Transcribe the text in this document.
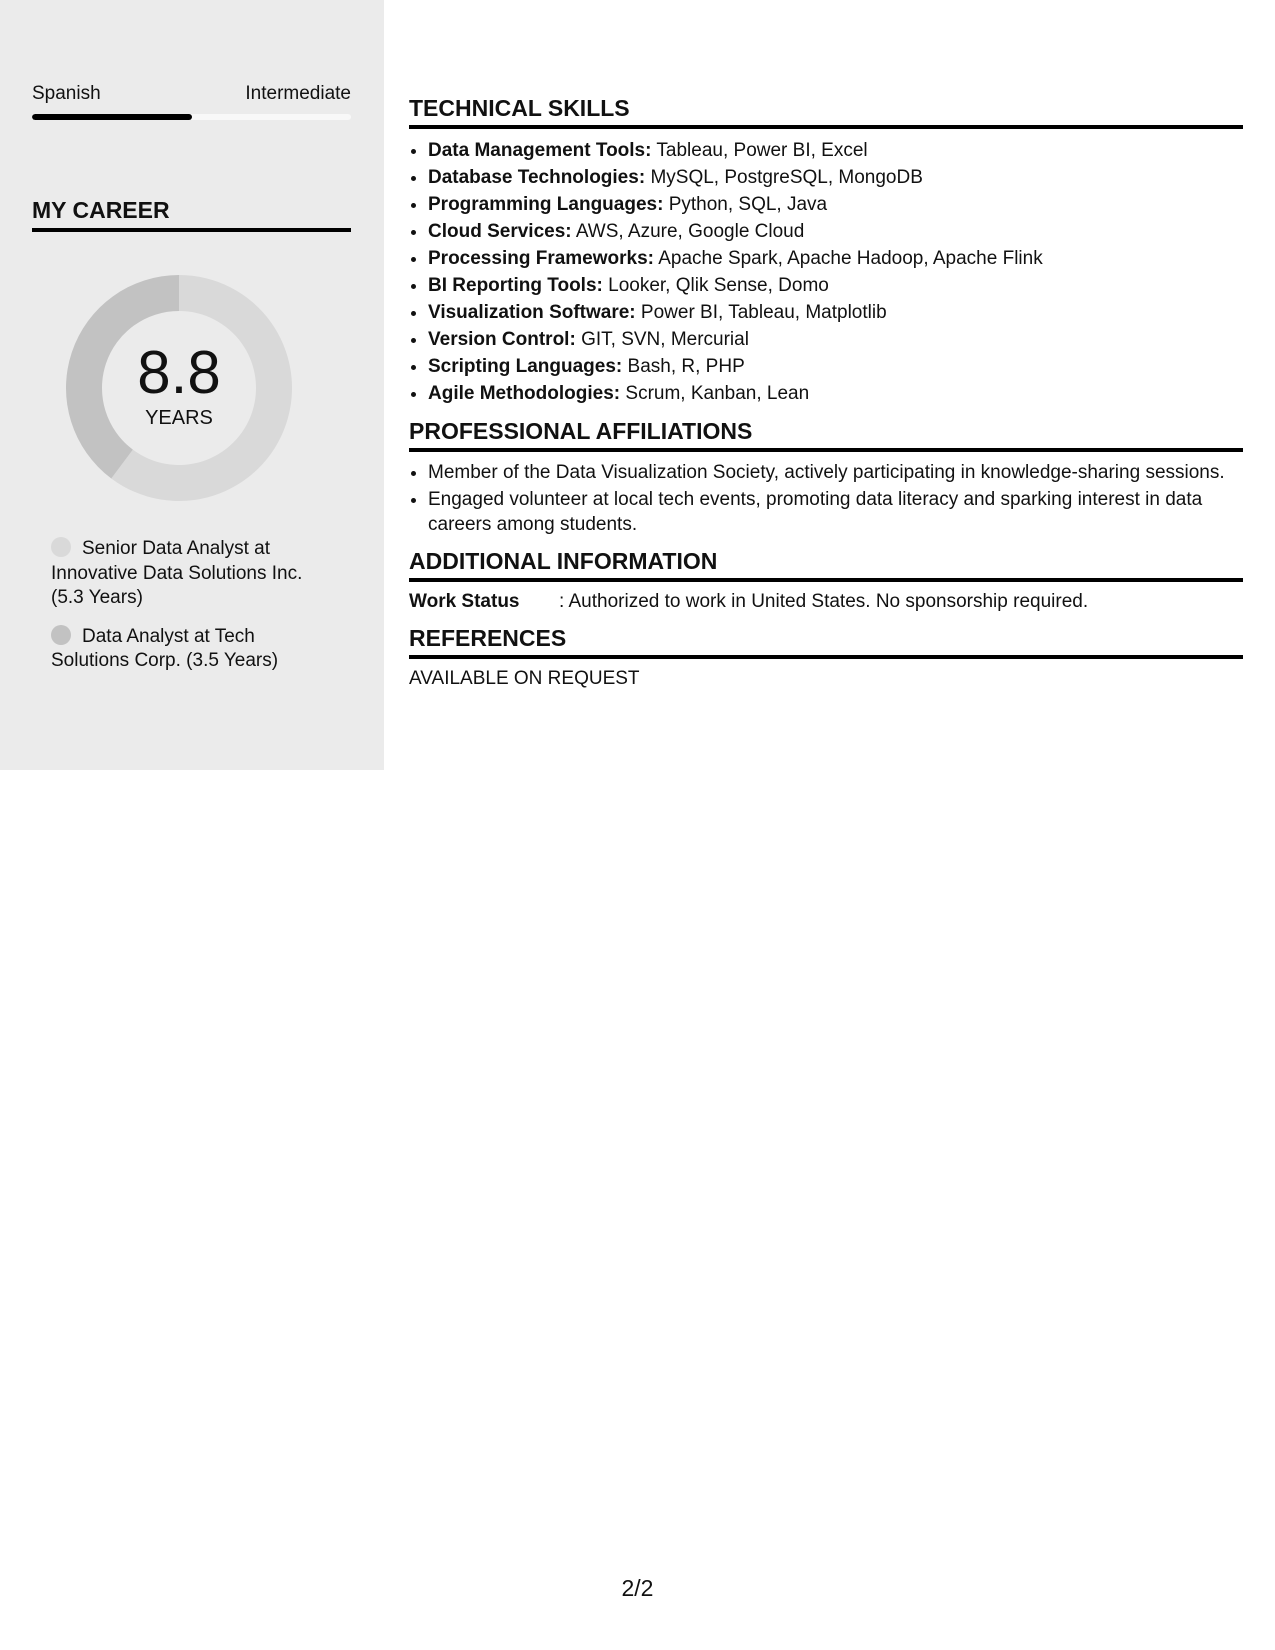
Spanish	Intermediate
MY CAREER
8.8
YEARS
Senior Data Analyst at Innovative Data Solutions Inc. (5.3 Years)
Data Analyst at Tech Solutions Corp. (3.5 Years)
TECHNICAL SKILLS
• Data Management Tools: Tableau, Power BI, Excel
• Database Technologies: MySQL, PostgreSQL, MongoDB
• Programming Languages: Python, SQL, Java
• Cloud Services: AWS, Azure, Google Cloud
• Processing Frameworks: Apache Spark, Apache Hadoop, Apache Flink
• BI Reporting Tools: Looker, Qlik Sense, Domo
• Visualization Software: Power BI, Tableau, Matplotlib
• Version Control: GIT, SVN, Mercurial
• Scripting Languages: Bash, R, PHP
• Agile Methodologies: Scrum, Kanban, Lean
PROFESSIONAL AFFILIATIONS
• Member of the Data Visualization Society, actively participating in knowledge-sharing sessions.
• Engaged volunteer at local tech events, promoting data literacy and sparking interest in data careers among students.
ADDITIONAL INFORMATION
Work Status	: Authorized to work in United States. No sponsorship required.
REFERENCES
AVAILABLE ON REQUEST
2/2
